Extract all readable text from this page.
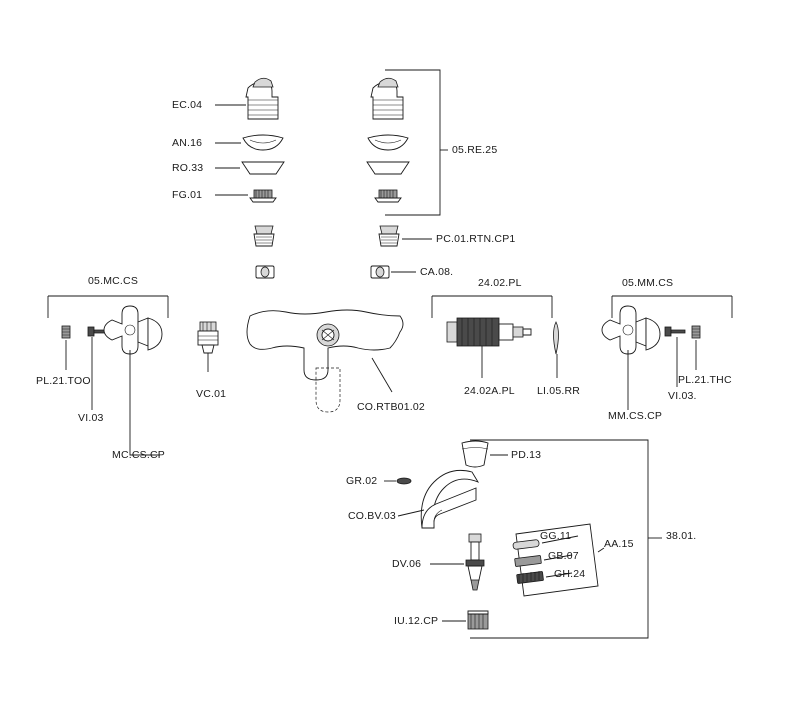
EC.04
AN.16
RO.33
FG.01
05.RE.25
PC.01.RTN.CP1
CA.08.
05.MC.CS
PL.21.TOO
VI.03
MC.CS.CP
VC.01
CO.RTB01.02
24.02.PL
24.02A.PL LI.05.RR
05.MM.CS
MM.CS.CP
VI.03.
PL.21.THC
PD.13
GR.02
CO.BV.03
DV.06
GG.11
GB.07
GH.24
AA.15
IU.12.CP
38.01.
